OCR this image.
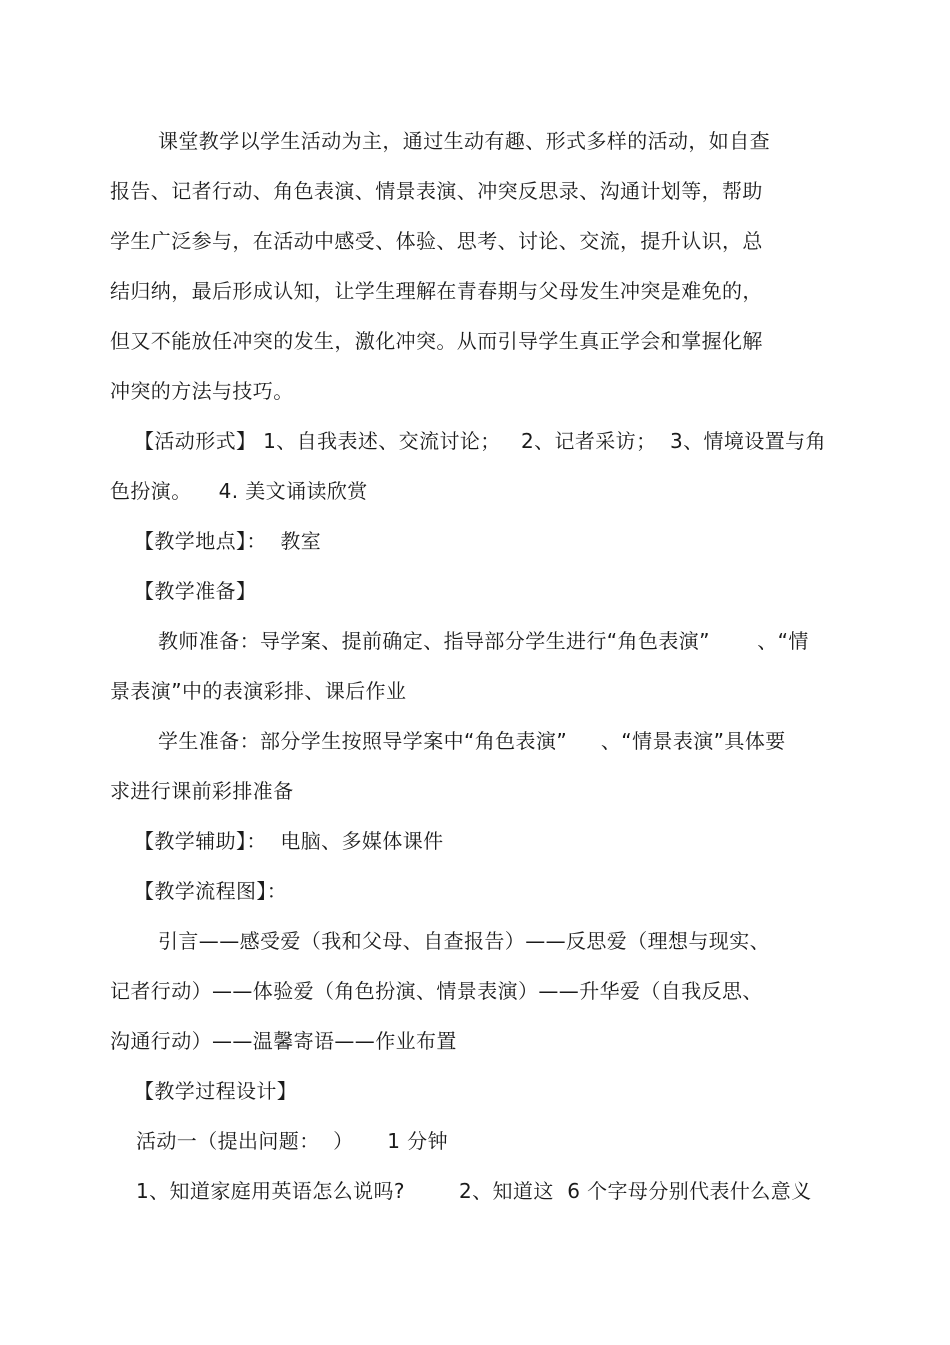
课堂教学以学生活动为主，通过生动有趣、形式多样的活动，如自查
报告、记者行动、角色表演、情景表演、冲突反思录、沟通计划等，帮助
学生广泛参与，在活动中感受、体验、思考、讨论、交流，提升认识，总
结归纳，最后形成认知，让学生理解在青春期与父母发生冲突是难免的，
但又不能放任冲突的发生，激化冲突。从而引导学生真正学会和掌握化解
冲突的方法与技巧。
【活动形式】 1、自我表述、交流讨论；   2、记者采访；  3、情境设置与角
色扮演。    4. 美文诵读欣赏
【教学地点】：  教室
【教学准备】
教师准备：导学案、提前确定、指导部分学生进行“角色表演”       、“情
景表演”中的表演彩排、课后作业
学生准备：部分学生按照导学案中“角色表演”     、“情景表演”具体要
求进行课前彩排准备
【教学辅助】：  电脑、多媒体课件
【教学流程图】：
引言——感受爱（我和父母、自查报告）——反思爱（理想与现实、
记者行动）——体验爱（角色扮演、情景表演）——升华爱（自我反思、
沟通行动）——温馨寄语——作业布置
【教学过程设计】
活动一（提出问题：  ）     1 分钟
1、知道家庭用英语怎么说吗?        2、知道这  6 个字母分别代表什么意义
